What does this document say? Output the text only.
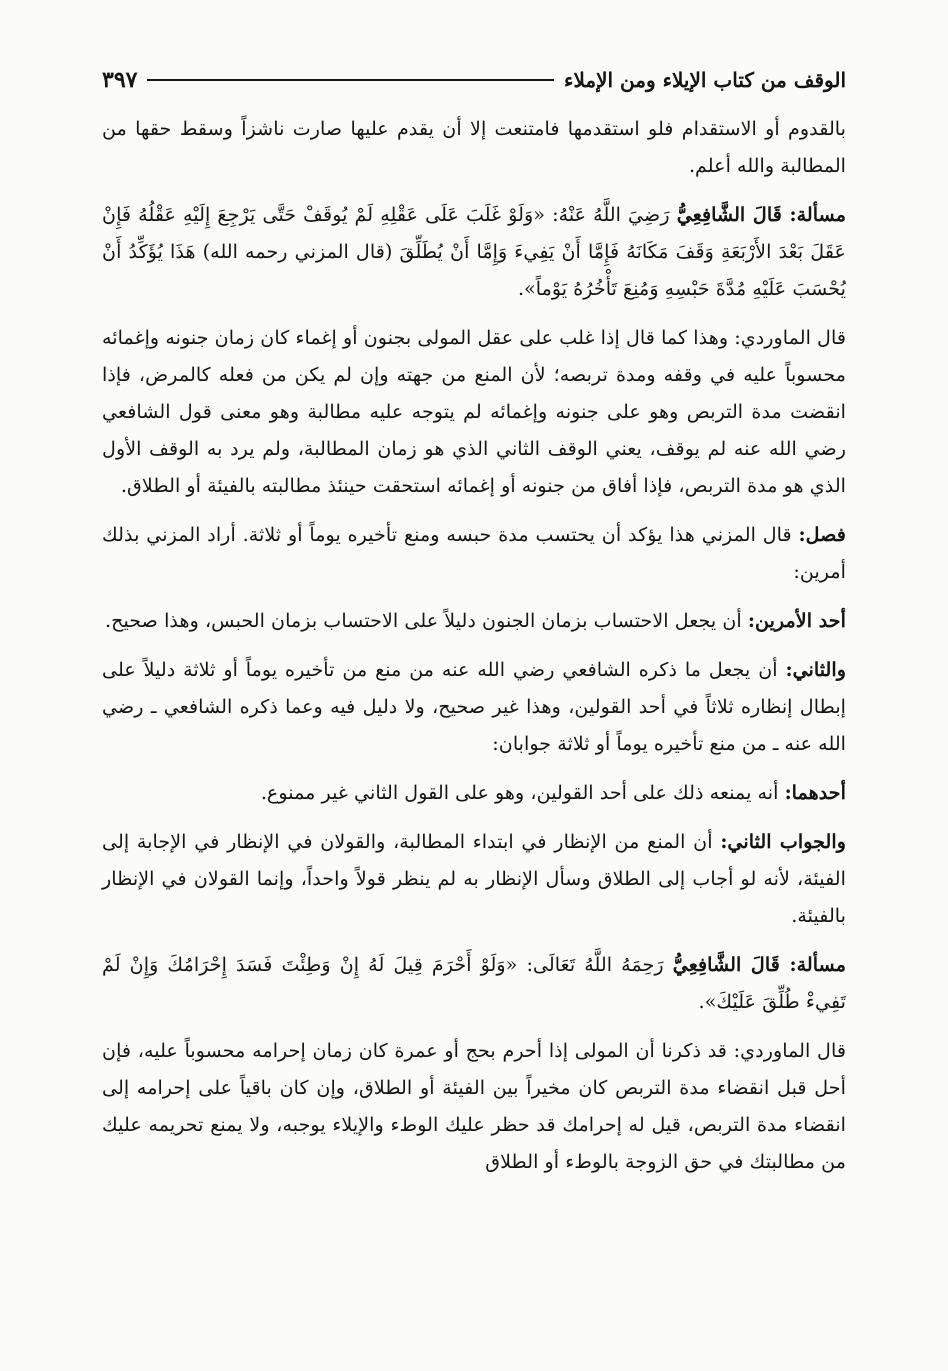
الوقف من كتاب الإيلاء ومن الإملاء
٣٩٧

بالقدوم أو الاستقدام فلو استقدمها فامتنعت إلا أن يقدم عليها صارت ناشزاً وسقط حقها من المطالبة والله أعلم.

مسألة: قَالَ الشَّافِعِيُّ رَضِيَ اللَّهُ عَنْهُ: «وَلَوْ غَلَبَ عَلَى عَقْلِهِ لَمْ يُوقَفْ حَتَّى يَرْجِعَ إِلَيْهِ عَقْلُهُ فَإِنْ عَقَلَ بَعْدَ الأَرْبَعَةِ وَقَفَ مَكَانَهُ فَإِمَّا أَنْ يَفِيءَ وَإِمَّا أَنْ يُطَلِّقَ (قال المزني رحمه الله) هَذَا يُؤَكِّدُ أَنْ يُحْسَبَ عَلَيْهِ مُدَّةَ حَبْسِهِ وَمُنِعَ تَأْخُرُهُ يَوْماً».

قال الماوردي: وهذا كما قال إذا غلب على عقل المولى بجنون أو إغماء كان زمان جنونه وإغمائه محسوباً عليه في وقفه ومدة تربصه؛ لأن المنع من جهته وإن لم يكن من فعله كالمرض، فإذا انقضت مدة التربص وهو على جنونه وإغمائه لم يتوجه عليه مطالبة وهو معنى قول الشافعي رضي الله عنه لم يوقف، يعني الوقف الثاني الذي هو زمان المطالبة، ولم يرد به الوقف الأول الذي هو مدة التربص، فإذا أفاق من جنونه أو إغمائه استحقت حينئذ مطالبته بالفيئة أو الطلاق.

فصل: قال المزني هذا يؤكد أن يحتسب مدة حبسه ومنع تأخيره يوماً أو ثلاثة. أراد المزني بذلك أمرين:

أحد الأمرين: أن يجعل الاحتساب بزمان الجنون دليلاً على الاحتساب بزمان الحبس، وهذا صحيح.

والثاني: أن يجعل ما ذكره الشافعي رضي الله عنه من منع من تأخيره يوماً أو ثلاثة دليلاً على إبطال إنظاره ثلاثاً في أحد القولين، وهذا غير صحيح، ولا دليل فيه وعما ذكره الشافعي ـ رضي الله عنه ـ من منع تأخيره يوماً أو ثلاثة جوابان:

أحدهما: أنه يمنعه ذلك على أحد القولين، وهو على القول الثاني غير ممنوع.

والجواب الثاني: أن المنع من الإنظار في ابتداء المطالبة، والقولان في الإنظار في الإجابة إلى الفيئة، لأنه لو أجاب إلى الطلاق وسأل الإنظار به لم ينظر قولاً واحداً، وإنما القولان في الإنظار بالفيئة.

مسألة: قَالَ الشَّافِعِيُّ رَحِمَهُ اللَّهُ تَعَالَى: «وَلَوْ أَحْرَمَ قِيلَ لَهُ إِنْ وَطِئْتَ فَسَدَ إِحْرَامُكَ وَإِنْ لَمْ تَفِيءْ طُلِّقَ عَلَيْكَ».

قال الماوردي: قد ذكرنا أن المولى إذا أحرم بحج أو عمرة كان زمان إحرامه محسوباً عليه، فإن أحل قبل انقضاء مدة التربص كان مخيراً بين الفيئة أو الطلاق، وإن كان باقياً على إحرامه إلى انقضاء مدة التربص، قيل له إحرامك قد حظر عليك الوطء والإيلاء يوجبه، ولا يمنع تحريمه عليك من مطالبتك في حق الزوجة بالوطء أو الطلاق
